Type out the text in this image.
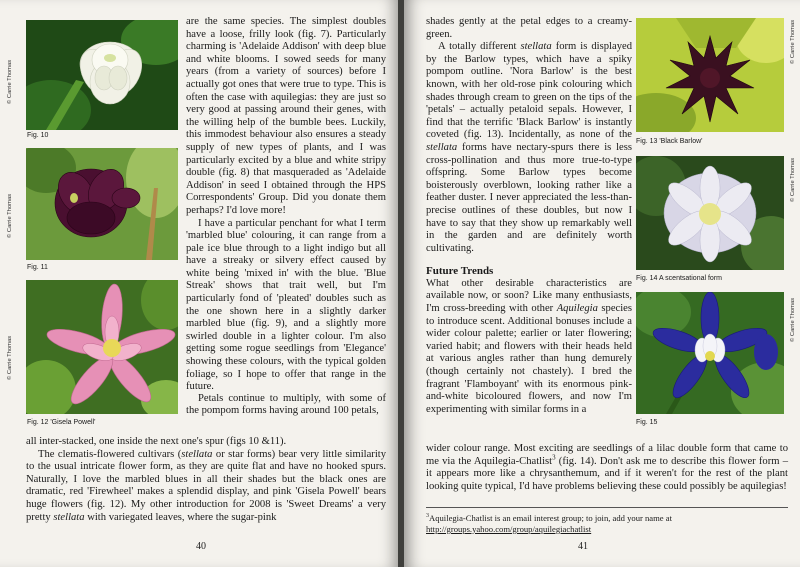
Fig. 10
Fig. 11
Fig. 12 'Gisela Powell'
© Carrie Thomas
© Carrie Thomas
© Carrie Thomas

are the same species. The simplest doubles have a loose, frilly look (fig. 7). Particularly charming is 'Adelaide Addison' with deep blue and white blooms. I sowed seeds for many years (from a variety of sources) before I actually got ones that were true to type. This is often the case with aquilegias: they are just so very good at passing around their genes, with the willing help of the bumble bees. Luckily, this immodest behaviour also ensures a steady supply of new types of plants, and I was particularly excited by a blue and white stripy double (fig. 8) that masqueraded as 'Adelaide Addison' in seed I obtained through the HPS Correspondents' Group. Did you donate them perhaps? I'd love more!

I have a particular penchant for what I term 'marbled blue' colouring, it can range from a pale ice blue through to a light indigo but all have a streaky or silvery effect caused by white being 'mixed in' with the blue. 'Blue Streak' shows that trait well, but I'm particularly fond of 'pleated' doubles such as the one shown here in a slightly darker marbled blue (fig. 9), and a slightly more swirled double in a lighter colour. I'm also getting some rogue seedlings from 'Elegance' showing these colours, with the typical golden foliage, so I hope to offer that range in the future.

Petals continue to multiply, with some of the pompom forms having around 100 petals,

all inter-stacked, one inside the next one's spur (figs 10 &11).

The clematis-flowered cultivars (stellata or star forms) bear very little similarity to the usual intricate flower form, as they are quite flat and have no hooked spurs. Naturally, I love the marbled blues in all their shades but the black ones are dramatic, red 'Firewheel' makes a splendid display, and pink 'Gisela Powell' bears huge flowers (fig. 12). My other introduction for 2008 is 'Sweet Dreams' a very pretty stellata with variegated leaves, where the sugar-pink

40

shades gently at the petal edges to a creamy-green.

A totally different stellata form is displayed by the Barlow types, which have a spiky pompom outline. 'Nora Barlow' is the best known, with her old-rose pink colouring which shades through cream to green on the tips of the 'petals' – actually petaloid sepals. However, I find that the terrific 'Black Barlow' is instantly coveted (fig. 13). Incidentally, as none of the stellata forms have nectary-spurs there is less cross-pollination and thus more true-to-type offspring. Some Barlow types become boisterously overblown, looking rather like a feather duster. I never appreciated the less-than-precise outlines of these doubles, but now I have to say that they show up remarkably well in the garden and are definitely worth cultivating.

Future Trends

What other desirable characteristics are available now, or soon? Like many enthusiasts, I'm cross-breeding with other Aquilegia species to introduce scent. Additional bonuses include a wider colour palette; earlier or later flowering; varied habit; and flowers with their heads held at various angles rather than hung demurely (though certainly not chastely). I bred the fragrant 'Flamboyant' with its enormous pink-and-white bicoloured flowers, and now I'm experimenting with similar forms in a

wider colour range. Most exciting are seedlings of a lilac double form that came to me via the Aquilegia-Chatlist$^3$ (fig. 14). Don't ask me to describe this flower form – it appears more like a chrysanthemum, and if it weren't for the rest of the plant looking quite typical, I'd have problems believing these could possibly be aquilegias!

$^3$Aquilegia-Chatlist is an email interest group; to join, add your name at
http://groups.yahoo.com/group/aquilegiachatlist
Fig. 13 'Black Barlow'
Fig. 14 A scentsational form
Fig. 15
© Carrie Thomas
© Carrie Thomas
© Carrie Thomas
41
